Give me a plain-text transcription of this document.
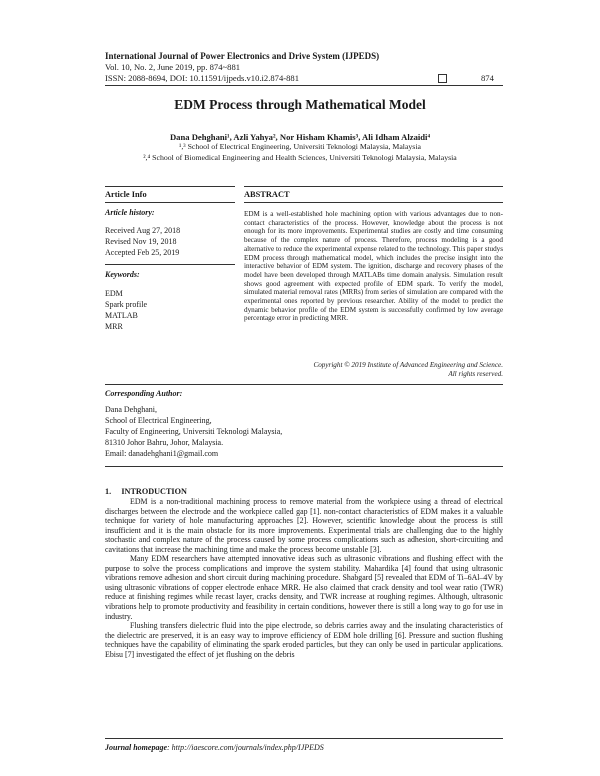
International Journal of Power Electronics and Drive System (IJPEDS)
Vol. 10, No. 2, June 2019, pp. 874~881
ISSN: 2088-8694, DOI: 10.11591/ijpeds.v10.i2.874-881	874
EDM Process through Mathematical Model
Dana Dehghani¹, Azli Yahya², Nor Hisham Khamis³, Ali Idham Alzaidi⁴
¹,³ School of Electrical Engineering, Universiti Teknologi Malaysia, Malaysia
²,⁴ School of Biomedical Engineering and Health Sciences, Universiti Teknologi Malaysia, Malaysia
Article Info
Article history:
Received Aug 27, 2018
Revised Nov 19, 2018
Accepted Feb 25, 2019
Keywords:
EDM
Spark profile
MATLAB
MRR
ABSTRACT
EDM is a well-established hole machining option with various advantages due to non-contact characteristics of the process. However, knowledge about the process is not enough for its more improvements. Experimental studies are costly and time consuming because of the complex nature of process. Therefore, process modeling is a good alternative to reduce the experimental expense related to the technology. This paper studys EDM process through mathematical model, which includes the precise insight into the interactive behavior of EDM system. The ignition, discharge and recovery phases of the model have been developed through MATLABs time domain analysis. Simulation result shows good agreement with expected profile of EDM spark. To verify the model, simulated material removal rates (MRRs) from series of simulation are compared with the experimental ones reported by previous researcher. Ability of the model to predict the dynamic behavior profile of the EDM system is successfully confirmed by low average percentage error in predicting MRR.
Copyright © 2019 Institute of Advanced Engineering and Science.
All rights reserved.
Corresponding Author:
Dana Dehghani,
School of Electrical Engineering,
Faculty of Engineering, Universiti Teknologi Malaysia,
81310 Johor Bahru, Johor, Malaysia.
Email: danadehghani1@gmail.com
1.     INTRODUCTION

EDM is a non-traditional machining process to remove material from the workpiece using a thread of electrical discharges between the electrode and the workpiece called gap [1]. non-contact characteristics of EDM makes it a valuable technique for variety of hole manufacturing approaches [2]. However, scientific knowledge about the process is still insufficient and it is the main obstacle for its more improvements. Experimental trials are challenging due to the highly stochastic and complex nature of the process caused by some process complications such as adhesion, short-circuiting and cavitations that increase the machining time and make the process become unstable [3].

Many EDM researchers have attempted innovative ideas such as ultrasonic vibrations and flushing effect with the purpose to solve the process complications and improve the system stability. Mahardika [4] found that using ultrasonic vibrations remove adhesion and short circuit during machining procedure. Shabgard [5] revealed that EDM of Ti–6Al–4V by using ultrasonic vibrations of copper electrode enhace MRR. He also claimed that crack density and tool wear ratio (TWR) reduce at finishing regimes while recast layer, cracks density, and TWR increase at roughing regimes. Although, ultrasonic vibrations help to promote productivity and feasibility in certain conditions, however there is still a long way to go for use in industry.

Flushing transfers dielectric fluid into the pipe electrode, so debris carries away and the insulating characteristics of the dielectric are preserved, it is an easy way to improve efficiency of EDM hole drilling [6]. Pressure and suction flushing techniques have the capability of eliminating the spark eroded particles, but they can only be used in particular applications. Ebisu [7] investigated the effect of jet flushing on the debris

Journal homepage: http://iaescore.com/journals/index.php/IJPEDS
